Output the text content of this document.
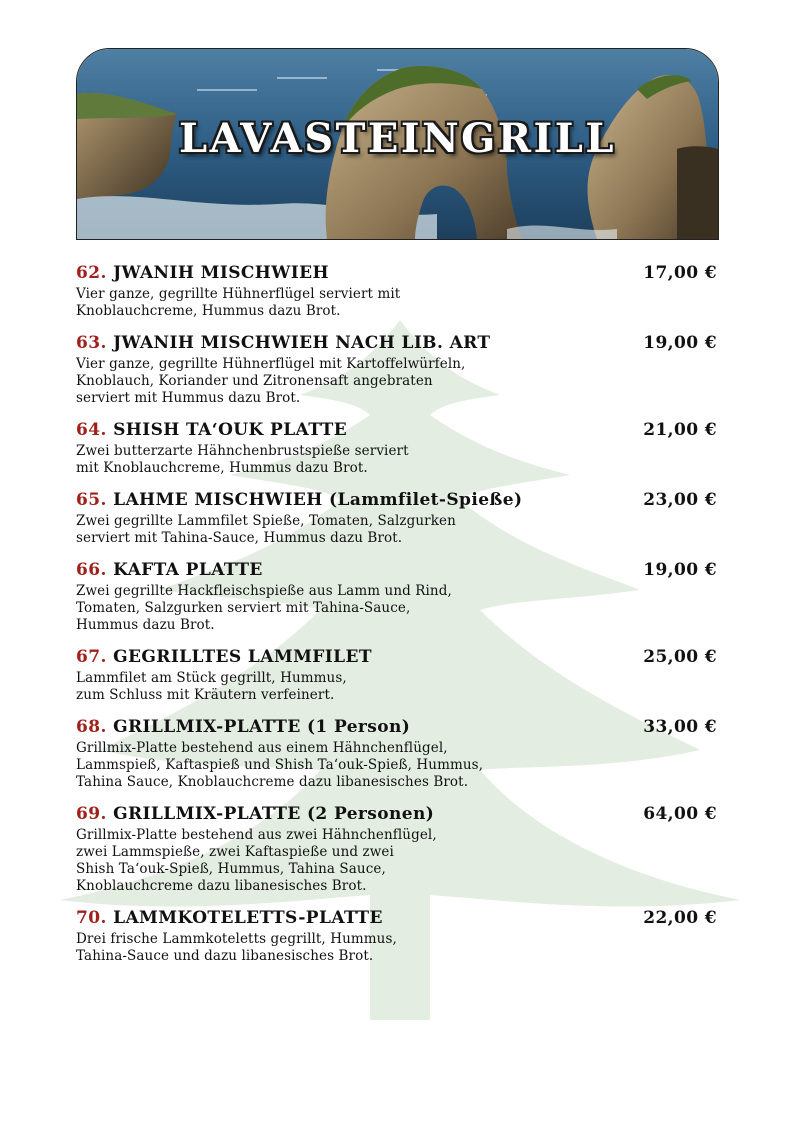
LAVASTEINGRILL
62. JWANIH MISCHWIEH	17,00 €
Vier ganze, gegrillte Hühnerflügel serviert mit
Knoblauchcreme, Hummus dazu Brot.
63. JWANIH MISCHWIEH NACH LIB. ART	19,00 €
Vier ganze, gegrillte Hühnerflügel mit Kartoffelwürfeln,
Knoblauch, Koriander und Zitronensaft angebraten
serviert mit Hummus dazu Brot.
64. SHISH TA‘OUK PLATTE	21,00 €
Zwei butterzarte Hähnchenbrustspieße serviert
mit Knoblauchcreme, Hummus dazu Brot.
65. LAHME MISCHWIEH (Lammfilet-Spieße)	23,00 €
Zwei gegrillte Lammfilet Spieße, Tomaten, Salzgurken
serviert mit Tahina-Sauce, Hummus dazu Brot.
66. KAFTA PLATTE	19,00 €
Zwei gegrillte Hackfleischspieße aus Lamm und Rind,
Tomaten, Salzgurken serviert mit Tahina-Sauce,
Hummus dazu Brot.
67. GEGRILLTES LAMMFILET	25,00 €
Lammfilet am Stück gegrillt, Hummus,
zum Schluss mit Kräutern verfeinert.
68. GRILLMIX-PLATTE (1 Person)	33,00 €
Grillmix-Platte bestehend aus einem Hähnchenflügel,
Lammspieß, Kaftaspieß und Shish Ta‘ouk-Spieß, Hummus,
Tahina Sauce, Knoblauchcreme dazu libanesisches Brot.
69. GRILLMIX-PLATTE (2 Personen)	64,00 €
Grillmix-Platte bestehend aus zwei Hähnchenflügel,
zwei Lammspieße, zwei Kaftaspieße und zwei
Shish Ta‘ouk-Spieß, Hummus, Tahina Sauce,
Knoblauchcreme dazu libanesisches Brot.
70. LAMMKOTELETTS-PLATTE	22,00 €
Drei frische Lammkoteletts gegrillt, Hummus,
Tahina-Sauce und dazu libanesisches Brot.
